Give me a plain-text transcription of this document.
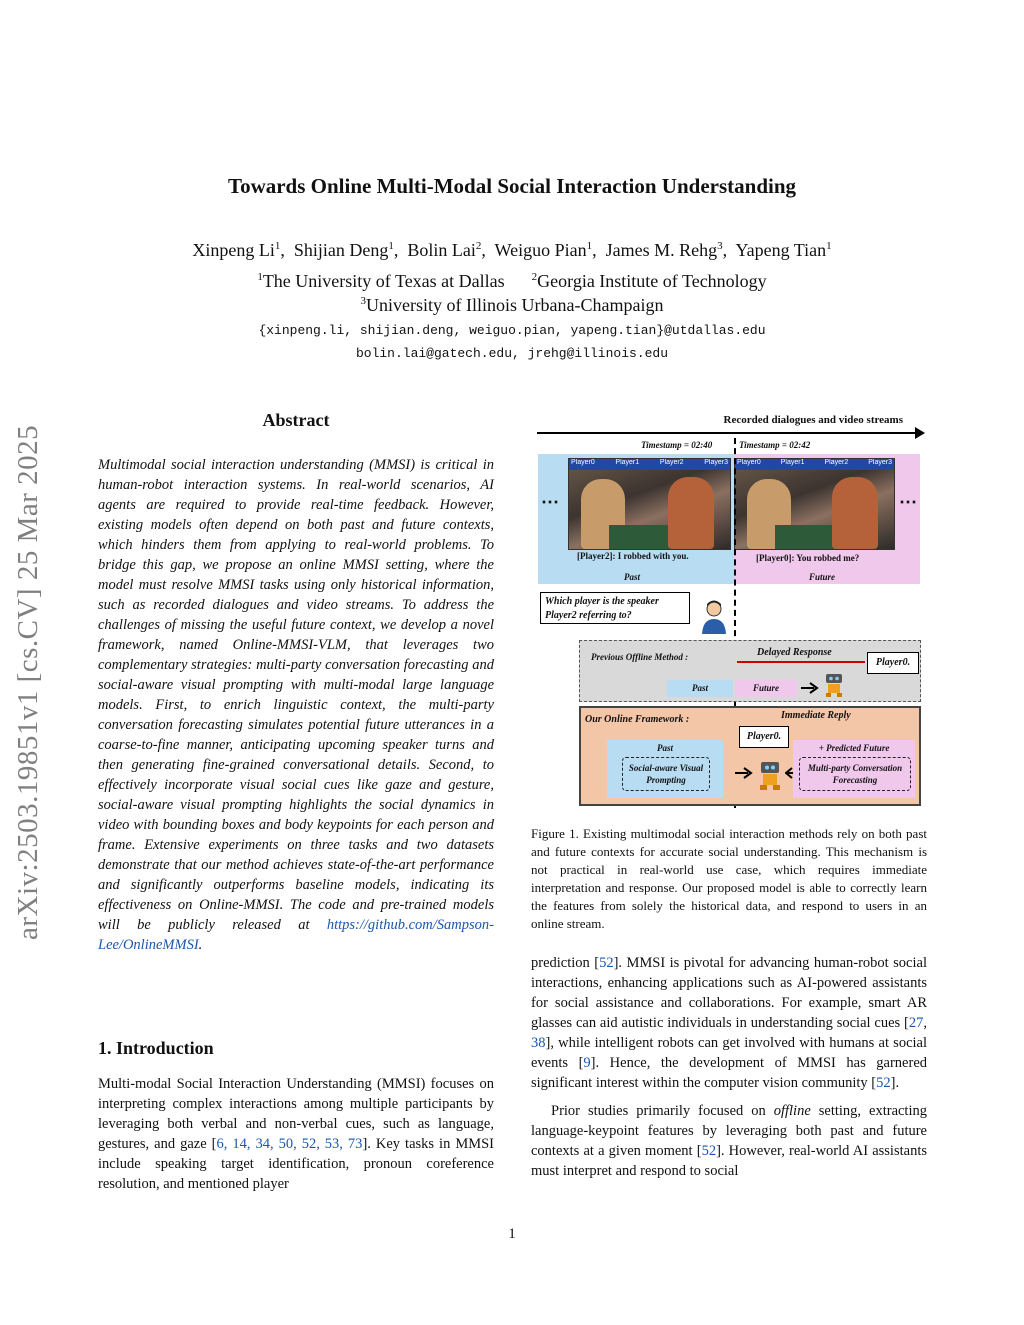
arXiv:2503.19851v1 [cs.CV] 25 Mar 2025
Towards Online Multi-Modal Social Interaction Understanding
Xinpeng Li$^1$,  Shijian Deng$^1$,  Bolin Lai$^2$,  Weiguo Pian$^1$,  James M. Rehg$^3$,  Yapeng Tian$^1$
$^1$The University of Texas at Dallas $^2$Georgia Institute of Technology
$^3$University of Illinois Urbana-Champaign
{xinpeng.li, shijian.deng, weiguo.pian, yapeng.tian}@utdallas.edu
bolin.lai@gatech.edu, jrehg@illinois.edu
Abstract
Multimodal social interaction understanding (MMSI) is critical in human-robot interaction systems. In real-world scenarios, AI agents are required to provide real-time feedback. However, existing models often depend on both past and future contexts, which hinders them from applying to real-world problems. To bridge this gap, we propose an online MMSI setting, where the model must resolve MMSI tasks using only historical information, such as recorded dialogues and video streams. To address the challenges of missing the useful future context, we develop a novel framework, named Online-MMSI-VLM, that leverages two complementary strategies: multi-party conversation forecasting and social-aware visual prompting with multi-modal large language models. First, to enrich linguistic context, the multi-party conversation forecasting simulates potential future utterances in a coarse-to-fine manner, anticipating upcoming speaker turns and then generating fine-grained conversational details. Second, to effectively incorporate visual social cues like gaze and gesture, social-aware visual prompting highlights the social dynamics in video with bounding boxes and body keypoints for each person and frame. Extensive experiments on three tasks and two datasets demonstrate that our method achieves state-of-the-art performance and significantly outperforms baseline models, indicating its effectiveness on Online-MMSI. The code and pre-trained models will be publicly released at https://github.com/Sampson-Lee/OnlineMMSI.
1. Introduction
Multi-modal Social Interaction Understanding (MMSI) focuses on interpreting complex interactions among multiple participants by leveraging both verbal and non-verbal cues, such as language, gestures, and gaze [6, 14, 34, 50, 52, 53, 73]. Key tasks in MMSI include speaking target identification, pronoun coreference resolution, and mentioned player
Recorded dialogues and video streams
Timestamp = 02:40	Timestamp = 02:42
⋯	⋯
Player0	Player1	Player2	Player3 Player0	Player1	Player2	Player3
[Player2]: I robbed with you.	[Player0]: You robbed me?
Past	Future
Which player is the speaker Player2 referring to?
Previous Offline Method :	Delayed Response
Past	Future
Player0.
Our Online Framework :	Immediate Reply
Past
Social-aware Visual Prompting
Player0.
+ Predicted Future
Multi-party Conversation Forecasting
Figure 1. Existing multimodal social interaction methods rely on both past and future contexts for accurate social understanding. This mechanism is not practical in real-world use case, which requires immediate interpretation and response. Our proposed model is able to correctly learn the features from solely the historical data, and respond to users in an online stream.

prediction [52]. MMSI is pivotal for advancing human-robot social interactions, enhancing applications such as AI-powered assistants for social assistance and collaborations. For example, smart AR glasses can aid autistic individuals in understanding social cues [27, 38], while intelligent robots can get involved with humans at social events [9]. Hence, the development of MMSI has garnered significant interest within the computer vision community [52].

Prior studies primarily focused on offline setting, extracting language-keypoint features by leveraging both past and future contexts at a given moment [52]. However, real-world AI assistants must interpret and respond to social

1
